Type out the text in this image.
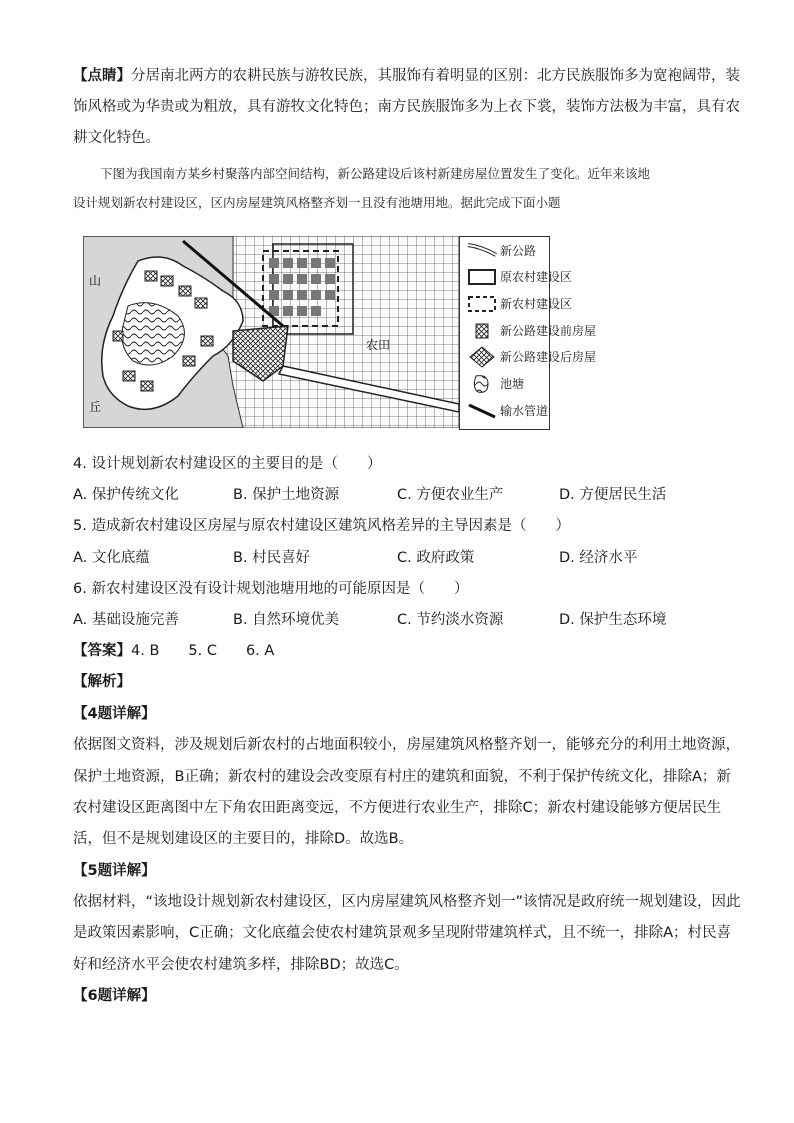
【点睛】分居南北两方的农耕民族与游牧民族，其服饰有着明显的区别：北方民族服饰多为宽袍阔带，装
饰风格或为华贵或为粗放，具有游牧文化特色；南方民族服饰多为上衣下裳，装饰方法极为丰富，具有农
耕文化特色。
下图为我国南方某乡村聚落内部空间结构，新公路建设后该村新建房屋位置发生了变化。近年来该地
设计规划新农村建设区，区内房屋建筑风格整齐划一且没有池塘用地。据此完成下面小题
山
丘
农田
新公路
原农村建设区
新农村建设区
新公路建设前房屋
新公路建设后房屋
池塘
输水管道
4. 设计规划新农村建设区的主要目的是（　　）
A. 保护传统文化	B. 保护土地资源	C. 方便农业生产	D. 方便居民生活
5. 造成新农村建设区房屋与原农村建设区建筑风格差异的主导因素是（　　）
A. 文化底蕴	B. 村民喜好	C. 政府政策	D. 经济水平
6. 新农村建设区没有设计规划池塘用地的可能原因是（　　）
A. 基础设施完善	B. 自然环境优美	C. 节约淡水资源	D. 保护生态环境
【答案】4. B　　5. C　　6. A
【解析】
【4题详解】
依据图文资料，涉及规划后新农村的占地面积较小，房屋建筑风格整齐划一，能够充分的利用土地资源，
保护土地资源，B正确；新农村的建设会改变原有村庄的建筑和面貌，不利于保护传统文化，排除A；新
农村建设区距离图中左下角农田距离变远，不方便进行农业生产，排除C；新农村建设能够方便居民生
活，但不是规划建设区的主要目的，排除D。故选B。
【5题详解】
依据材料，“该地设计规划新农村建设区，区内房屋建筑风格整齐划一”该情况是政府统一规划建设，因此
是政策因素影响，C正确；文化底蕴会使农村建筑景观多呈现附带建筑样式，且不统一，排除A；村民喜
好和经济水平会使农村建筑多样，排除BD；故选C。
【6题详解】
